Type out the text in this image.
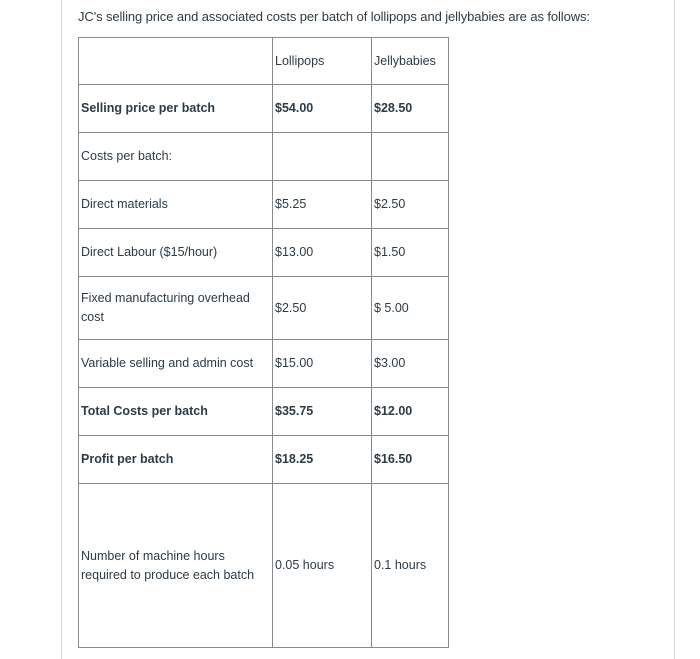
JC's selling price and associated costs per batch of lollipops and jellybabies are as follows:
	Lollipops	Jellybabies
Selling price per batch	$54.00	$28.50
Costs per batch:		
Direct materials	$5.25	$2.50
Direct Labour ($15/hour)	$13.00	$1.50
Fixed manufacturing overhead cost	$2.50	$ 5.00
Variable selling and admin cost	$15.00	$3.00
Total Costs per batch	$35.75	$12.00
Profit per batch	$18.25	$16.50
Number of machine hours required to produce each batch	0.05 hours	0.1 hours
